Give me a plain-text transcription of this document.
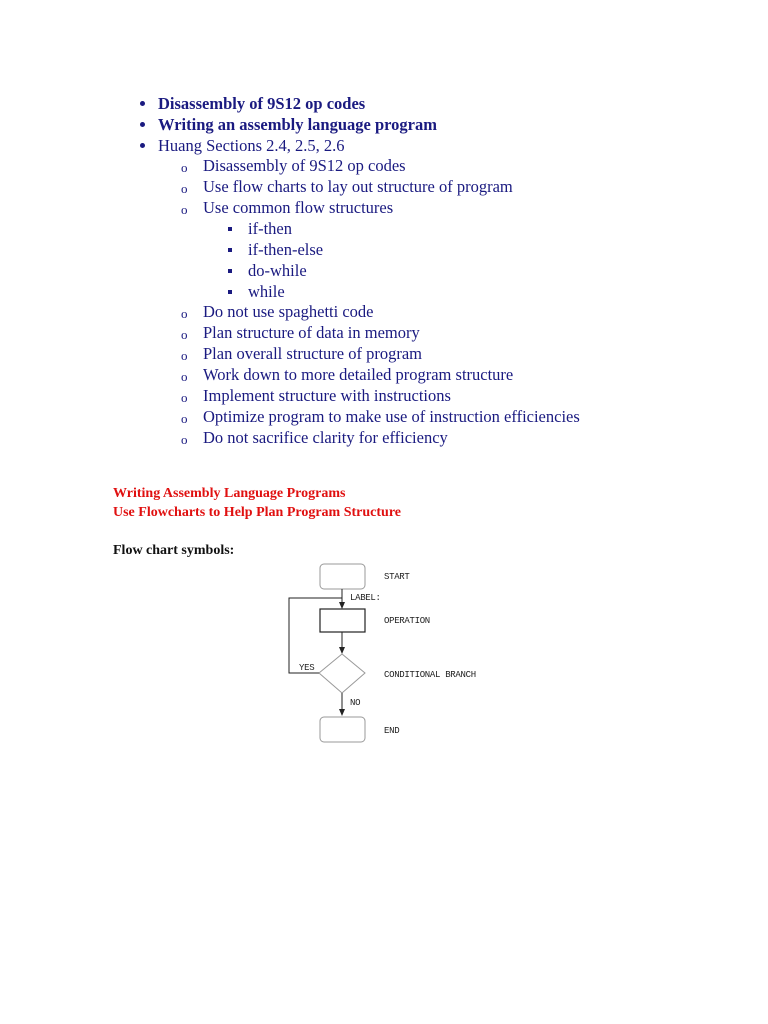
Disassembly of 9S12 op codes
Writing an assembly language program
Huang Sections 2.4, 2.5, 2.6
o Disassembly of 9S12 op codes
o Use flow charts to lay out structure of program
o Use common flow structures
if-then
if-then-else
do-while
while
o Do not use spaghetti code
o Plan structure of data in memory
o Plan overall structure of program
o Work down to more detailed program structure
o Implement structure with instructions
o Optimize program to make use of instruction efficiencies
o Do not sacrifice clarity for efficiency
Writing Assembly Language Programs
Use Flowcharts to Help Plan Program Structure
Flow chart symbols:
START
LABEL:
OPERATION
YES
CONDITIONAL BRANCH
NO
END
